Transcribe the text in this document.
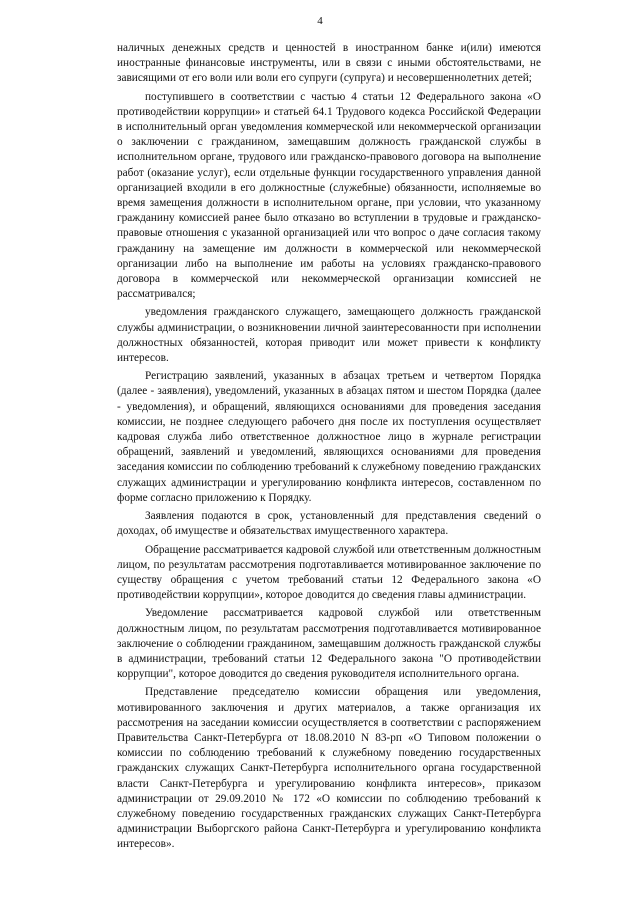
4

наличных денежных средств и ценностей в иностранном банке и(или) имеются иностранные финансовые инструменты, или в связи с иными обстоятельствами, не зависящими от его воли или воли его супруги (супруга) и несовершеннолетних детей;

поступившего в соответствии с частью 4 статьи 12 Федерального закона «О противодействии коррупции» и статьей 64.1 Трудового кодекса Российской Федерации в исполнительный орган уведомления коммерческой или некоммерческой организации о заключении с гражданином, замещавшим должность гражданской службы в исполнительном органе, трудового или гражданско-правового договора на выполнение работ (оказание услуг), если отдельные функции государственного управления данной организацией входили в его должностные (служебные) обязанности, исполняемые во время замещения должности в исполнительном органе, при условии, что указанному гражданину комиссией ранее было отказано во вступлении в трудовые и гражданско-правовые отношения с указанной организацией или что вопрос о даче согласия такому гражданину на замещение им должности в коммерческой или некоммерческой организации либо на выполнение им работы на условиях гражданско-правового договора в коммерческой или некоммерческой организации комиссией не рассматривался;

уведомления гражданского служащего, замещающего должность гражданской службы администрации, о возникновении личной заинтересованности при исполнении должностных обязанностей, которая приводит или может привести к конфликту интересов.

Регистрацию заявлений, указанных в абзацах третьем и четвертом Порядка (далее - заявления), уведомлений, указанных в абзацах пятом и шестом Порядка (далее - уведомления), и обращений, являющихся основаниями для проведения заседания комиссии, не позднее следующего рабочего дня после их поступления осуществляет кадровая служба либо ответственное должностное лицо в журнале регистрации обращений, заявлений и уведомлений, являющихся основаниями для проведения заседания комиссии по соблюдению требований к служебному поведению гражданских служащих администрации и урегулированию конфликта интересов, составленном по форме согласно приложению к Порядку.

Заявления подаются в срок, установленный для представления сведений о доходах, об имуществе и обязательствах имущественного характера.

Обращение рассматривается кадровой службой или ответственным должностным лицом, по результатам рассмотрения подготавливается мотивированное заключение по существу обращения с учетом требований статьи 12 Федерального закона «О противодействии коррупции», которое доводится до сведения главы администрации.

Уведомление рассматривается кадровой службой или ответственным должностным лицом, по результатам рассмотрения подготавливается мотивированное заключение о соблюдении гражданином, замещавшим должность гражданской службы в администрации, требований статьи 12 Федерального закона "О противодействии коррупции", которое доводится до сведения руководителя исполнительного органа.

Представление председателю комиссии обращения или уведомления, мотивированного заключения и других материалов, а также организация их рассмотрения на заседании комиссии осуществляется в соответствии с распоряжением Правительства Санкт-Петербурга от 18.08.2010 N 83-рп «О Типовом положении о комиссии по соблюдению требований к служебному поведению государственных гражданских служащих Санкт-Петербурга исполнительного органа государственной власти Санкт-Петербурга и урегулированию конфликта интересов», приказом администрации от 29.09.2010 № 172 «О комиссии по соблюдению требований к служебному поведению государственных гражданских служащих Санкт-Петербурга администрации Выборгского района Санкт-Петербурга и урегулированию конфликта интересов».
